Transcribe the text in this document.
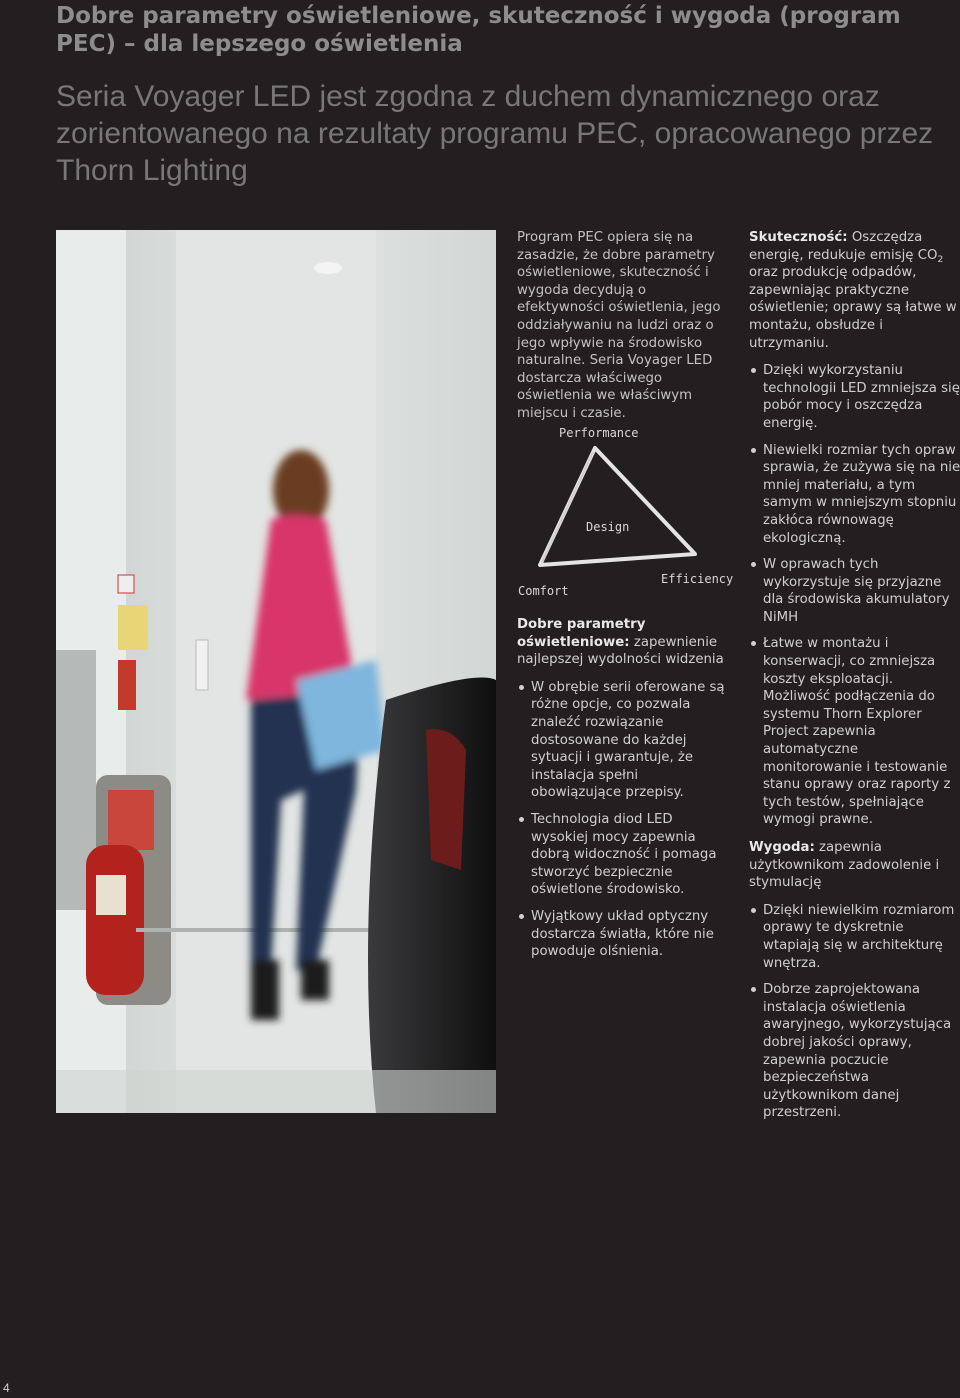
Dobre parametry oświetleniowe, skuteczność i wygoda (program PEC) – dla lepszego oświetlenia
Seria Voyager LED jest zgodna z duchem dynamicznego oraz zorientowanego na rezultaty programu PEC, opracowanego przez Thorn Lighting

Program PEC opiera się na zasadzie, że dobre parametry oświetleniowe, skuteczność i wygoda decydują o efektywności oświetlenia, jego oddziaływaniu na ludzi oraz o jego wpływie na środowisko naturalne. Seria Voyager LED dostarcza właściwego oświetlenia we właściwym miejscu i czasie.

Performance
Design
Comfort
Efficiency

Dobre parametry oświetleniowe: zapewnienie najlepszej wydolności widzenia

W obrębie serii oferowane są różne opcje, co pozwala znaleźć rozwiązanie dostosowane do każdej sytuacji i gwarantuje, że instalacja spełni obowiązujące przepisy.
Technologia diod LED wysokiej mocy zapewnia dobrą widoczność i pomaga stworzyć bezpiecznie oświetlone środowisko.
Wyjątkowy układ optyczny dostarcza światła, które nie powoduje olśnienia.

Skuteczność: Oszczędza energię, redukuje emisję $CO_2$ oraz produkcję odpadów, zapewniając praktyczne oświetlenie; oprawy są łatwe w montażu, obsłudze i utrzymaniu.

Dzięki wykorzystaniu technologii LED zmniejsza się pobór mocy i oszczędza energię.
Niewielki rozmiar tych opraw sprawia, że zużywa się na nie mniej materiału, a tym samym w mniejszym stopniu zakłóca równowagę ekologiczną.
W oprawach tych wykorzystuje się przyjazne dla środowiska akumulatory NiMH
Łatwe w montażu i konserwacji, co zmniejsza koszty eksploatacji. Możliwość podłączenia do systemu Thorn Explorer Project zapewnia automatyczne monitorowanie i testowanie stanu oprawy oraz raporty z tych testów, spełniające wymogi prawne.

Wygoda: zapewnia użytkownikom zadowolenie i stymulację

Dzięki niewielkim rozmiarom oprawy te dyskretnie wtapiają się w architekturę wnętrza.
Dobrze zaprojektowana instalacja oświetlenia awaryjnego, wykorzystująca dobrej jakości oprawy, zapewnia poczucie bezpieczeństwa użytkownikom danej przestrzeni.
4
